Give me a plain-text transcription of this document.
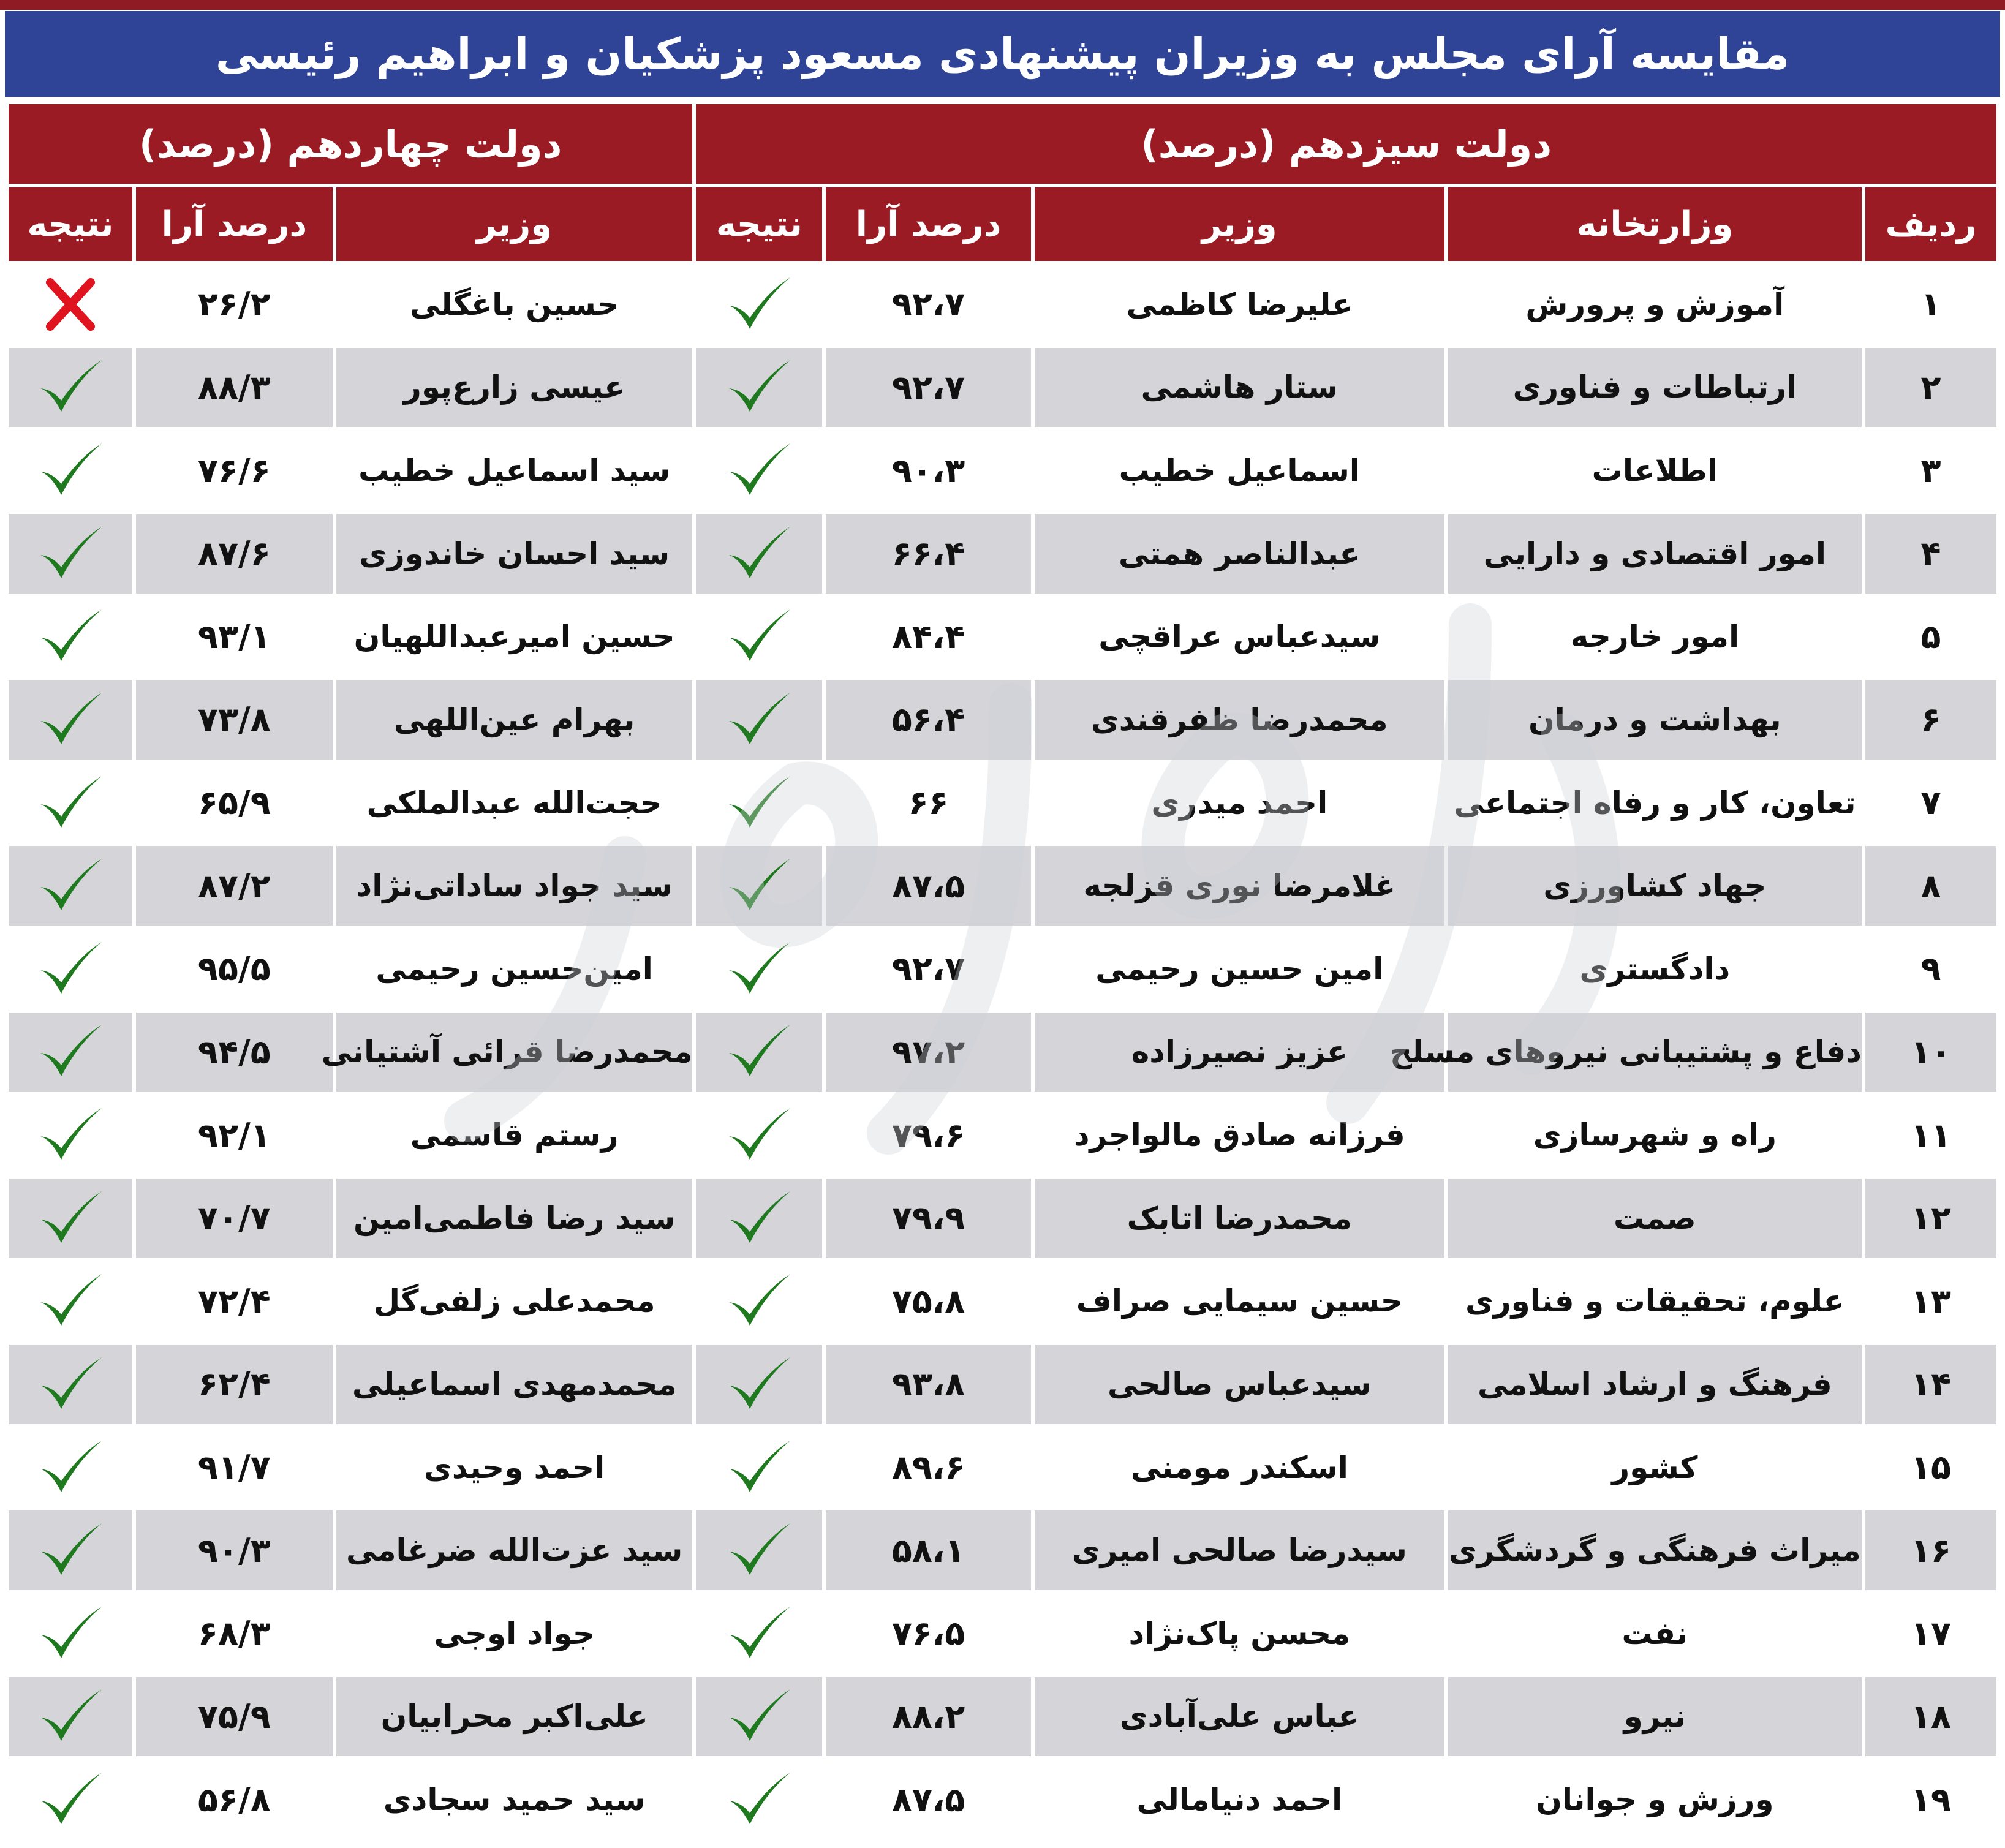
مقایسه آرای مجلس به وزیران پیشنهادی مسعود پزشکیان و ابراهیم رئیسی
دولت سیزدهم (درصد)					دولت چهاردهم (درصد)		
ردیف	وزارتخانه	وزیر	درصد آرا	نتیجه	وزیر	درصد آرا	نتیجه
۱	آموزش و پرورش	علیرضا کاظمی	۹۲،۷		حسین باغگلی	۲۶/۲	
۲	ارتباطات و فناوری	ستار هاشمی	۹۲،۷		عیسی زارع‌پور	۸۸/۳	
۳	اطلاعات	اسماعیل خطیب	۹۰،۳		سید اسماعیل خطیب	۷۶/۶	
۴	امور اقتصادی و دارایی	عبدالناصر همتی	۶۶،۴		سید احسان خاندوزی	۸۷/۶	
۵	امور خارجه	سیدعباس عراقچی	۸۴،۴		حسین امیرعبداللهیان	۹۳/۱	
۶	بهداشت و درمان	محمدرضا ظفرقندی	۵۶،۴		بهرام عین‌اللهی	۷۳/۸	
۷	تعاون، کار و رفاه اجتماعی	احمد میدری	۶۶		حجت‌الله عبدالملکی	۶۵/۹	
۸	جهاد کشاورزی	غلامرضا نوری قزلجه	۸۷،۵		سید جواد ساداتی‌نژاد	۸۷/۲	
۹	دادگستری	امین حسین رحیمی	۹۲،۷		امین‌حسین رحیمی	۹۵/۵	
۱۰	دفاع و پشتیبانی نیروهای مسلح	عزیز نصیرزاده	۹۷،۲		محمدرضا قرائی آشتیانی	۹۴/۵	
۱۱	راه و شهرسازی	فرزانه صادق مالواجرد	۷۹،۶		رستم قاسمی	۹۲/۱	
۱۲	صمت	محمدرضا اتابک	۷۹،۹		سید رضا فاطمی‌امین	۷۰/۷	
۱۳	علوم، تحقیقات و فناوری	حسین سیمایی صراف	۷۵،۸		محمدعلی زلفی‌گل	۷۲/۴	
۱۴	فرهنگ و ارشاد اسلامی	سیدعباس صالحی	۹۳،۸		محمدمهدی اسماعیلی	۶۲/۴	
۱۵	کشور	اسکندر مومنی	۸۹،۶		احمد وحیدی	۹۱/۷	
۱۶	میراث فرهنگی و گردشگری	سیدرضا صالحی امیری	۵۸،۱		سید عزت‌الله ضرغامی	۹۰/۳	
۱۷	نفت	محسن پاک‌نژاد	۷۶،۵		جواد اوجی	۶۸/۳	
۱۸	نیرو	عباس علی‌آبادی	۸۸،۲		علی‌اکبر محرابیان	۷۵/۹	
۱۹	ورزش و جوانان	احمد دنیامالی	۸۷،۵		سید حمید سجادی	۵۶/۸	
